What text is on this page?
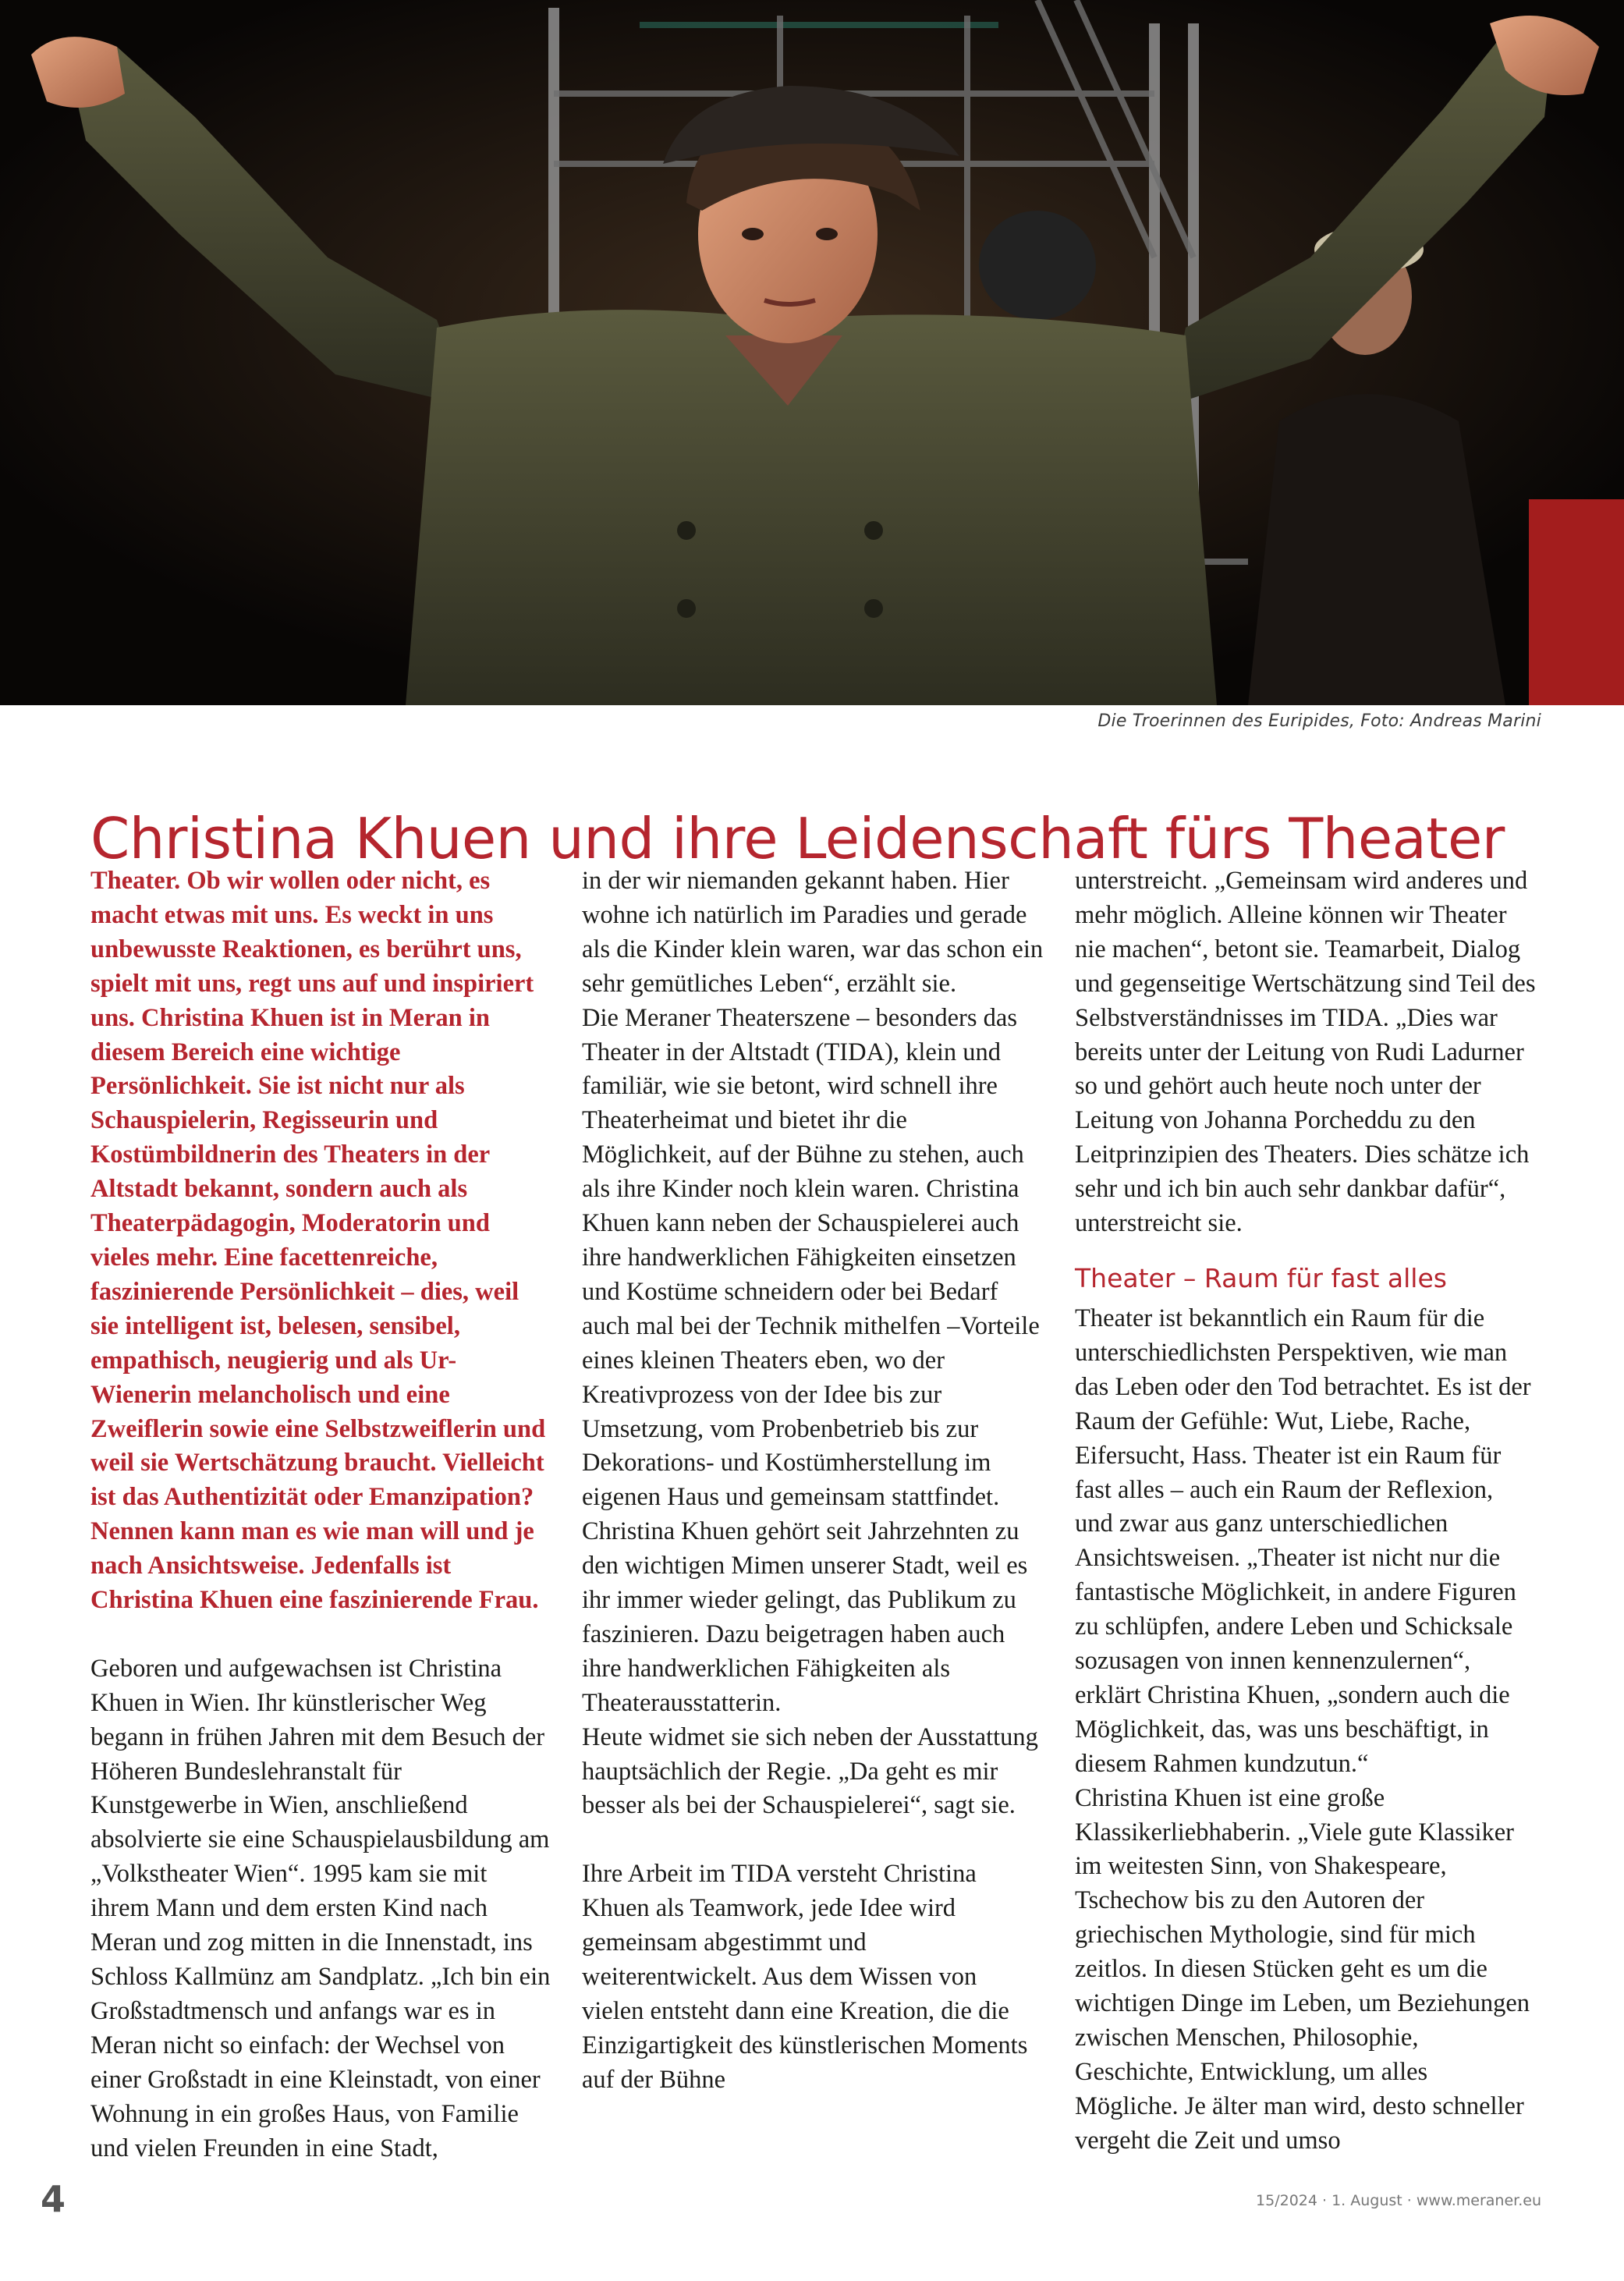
Die Troerinnen des Euripides, Foto: Andreas Marini
Christina Khuen und ihre Leidenschaft fürs Theater

Theater. Ob wir wollen oder nicht, es macht etwas mit uns. Es weckt in uns unbewusste Reaktionen, es berührt uns, spielt mit uns, regt uns auf und inspiriert uns. Christina Khuen ist in Meran in diesem Bereich eine wichtige Persönlichkeit. Sie ist nicht nur als Schauspielerin, Regisseurin und Kostümbildnerin des Theaters in der Altstadt bekannt, sondern auch als Theaterpädagogin, Moderatorin und vieles mehr. Eine facettenreiche, faszinierende Persönlichkeit – dies, weil sie intelligent ist, belesen, sensibel, empathisch, neugierig und als Ur-Wienerin melancholisch und eine Zweiflerin sowie eine Selbstzweiflerin und weil sie Wertschätzung braucht. Vielleicht ist das Authentizität oder Emanzipation? Nennen kann man es wie man will und je nach Ansichtsweise. Jedenfalls ist Christina Khuen eine faszinierende Frau.

Geboren und aufgewachsen ist Christina Khuen in Wien. Ihr künstlerischer Weg begann in frühen Jahren mit dem Besuch der Höheren Bundeslehranstalt für Kunstgewerbe in Wien, anschließend absolvierte sie eine Schauspielausbildung am „Volkstheater Wien“. 1995 kam sie mit ihrem Mann und dem ersten Kind nach Meran und zog mitten in die Innenstadt, ins Schloss Kallmünz am Sandplatz. „Ich bin ein Großstadtmensch und anfangs war es in Meran nicht so einfach: der Wechsel von einer Großstadt in eine Kleinstadt, von einer Wohnung in ein großes Haus, von Familie und vielen Freunden in eine Stadt,

in der wir niemanden gekannt haben. Hier wohne ich natürlich im Paradies und gerade als die Kinder klein waren, war das schon ein sehr gemütliches Leben“, erzählt sie.

Die Meraner Theaterszene – besonders das Theater in der Altstadt (TIDA), klein und familiär, wie sie betont, wird schnell ihre Theaterheimat und bietet ihr die Möglichkeit, auf der Bühne zu stehen, auch als ihre Kinder noch klein waren. Christina Khuen kann neben der Schauspielerei auch ihre handwerklichen Fähigkeiten einsetzen und Kostüme schneidern oder bei Bedarf auch mal bei der Technik mithelfen –Vorteile eines kleinen Theaters eben, wo der Kreativprozess von der Idee bis zur Umsetzung, vom Probenbetrieb bis zur Dekorations- und Kostümherstellung im eigenen Haus und gemeinsam stattfindet. Christina Khuen gehört seit Jahrzehnten zu den wichtigen Mimen unserer Stadt, weil es ihr immer wieder gelingt, das Publikum zu faszinieren. Dazu beigetragen haben auch ihre handwerklichen Fähigkeiten als Theaterausstatterin.

Heute widmet sie sich neben der Ausstattung hauptsächlich der Regie. „Da geht es mir besser als bei der Schauspielerei“, sagt sie.

Ihre Arbeit im TIDA versteht Christina Khuen als Teamwork, jede Idee wird gemeinsam abgestimmt und weiterentwickelt. Aus dem Wissen von vielen entsteht dann eine Kreation, die die Einzigartigkeit des künstlerischen Moments auf der Bühne

unterstreicht. „Gemeinsam wird anderes und mehr möglich. Alleine können wir Theater nie machen“, betont sie. Teamarbeit, Dialog und gegenseitige Wertschätzung sind Teil des Selbstverständnisses im TIDA. „Dies war bereits unter der Leitung von Rudi Ladurner so und gehört auch heute noch unter der Leitung von Johanna Porcheddu zu den Leitprinzipien des Theaters. Dies schätze ich sehr und ich bin auch sehr dankbar dafür“, unterstreicht sie.

Theater – Raum für fast alles

Theater ist bekanntlich ein Raum für die unterschiedlichsten Perspektiven, wie man das Leben oder den Tod betrachtet. Es ist der Raum der Gefühle: Wut, Liebe, Rache, Eifersucht, Hass. Theater ist ein Raum für fast alles – auch ein Raum der Reflexion, und zwar aus ganz unterschiedlichen Ansichtsweisen. „Theater ist nicht nur die fantastische Möglichkeit, in andere Figuren zu schlüpfen, andere Leben und Schicksale sozusagen von innen kennenzulernen“, erklärt Christina Khuen, „sondern auch die Möglichkeit, das, was uns beschäftigt, in diesem Rahmen kundzutun.“

Christina Khuen ist eine große Klassikerliebhaberin. „Viele gute Klassiker im weitesten Sinn, von Shakespeare, Tschechow bis zu den Autoren der griechischen Mythologie, sind für mich zeitlos. In diesen Stücken geht es um die wichtigen Dinge im Leben, um Beziehungen zwischen Menschen, Philosophie, Geschichte, Entwicklung, um alles Mögliche. Je älter man wird, desto schneller vergeht die Zeit und umso

4	15/2024 · 1. August · www.meraner.eu
